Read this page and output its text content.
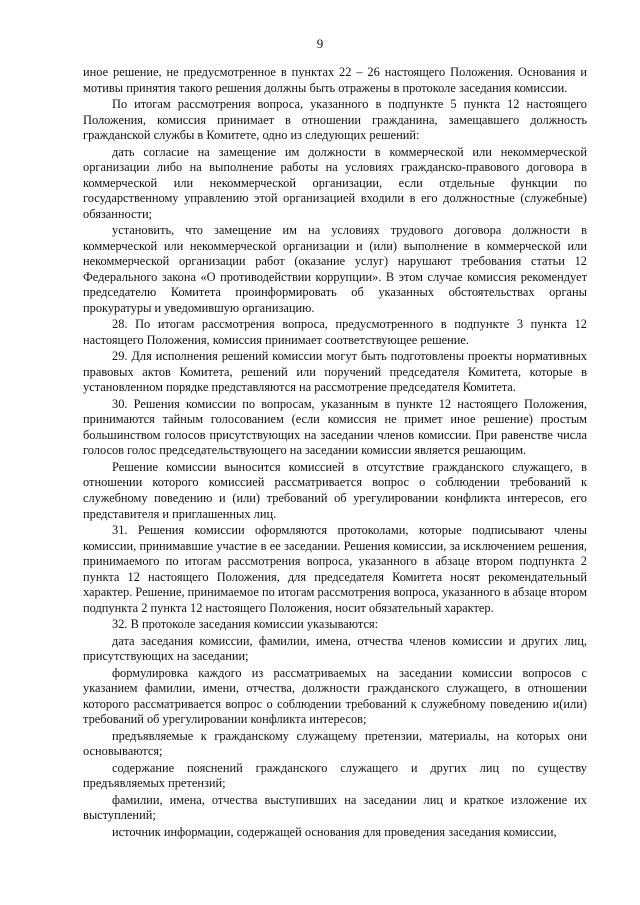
9

иное решение, не предусмотренное в пунктах 22 – 26 настоящего Положения. Основания и мотивы принятия такого решения должны быть отражены в протоколе заседания комиссии.

По итогам рассмотрения вопроса, указанного в подпункте 5 пункта 12 настоящего Положения, комиссия принимает в отношении гражданина, замещавшего должность гражданской службы в Комитете, одно из следующих решений:

дать согласие на замещение им должности в коммерческой или некоммерческой организации либо на выполнение работы на условиях гражданско-правового договора в коммерческой или некоммерческой организации, если отдельные функции по государственному управлению этой организацией входили в его должностные (служебные) обязанности;

установить, что замещение им на условиях трудового договора должности в коммерческой или некоммерческой организации и (или) выполнение в коммерческой или некоммерческой организации работ (оказание услуг) нарушают требования статьи 12 Федерального закона «О противодействии коррупции». В этом случае комиссия рекомендует председателю Комитета проинформировать об указанных обстоятельствах органы прокуратуры и уведомившую организацию.

28. По итогам рассмотрения вопроса, предусмотренного в подпункте 3 пункта 12 настоящего Положения, комиссия принимает соответствующее решение.

29. Для исполнения решений комиссии могут быть подготовлены проекты нормативных правовых актов Комитета, решений или поручений председателя Комитета, которые в установленном порядке представляются на рассмотрение председателя Комитета.

30. Решения комиссии по вопросам, указанным в пункте 12 настоящего Положения, принимаются тайным голосованием (если комиссия не примет иное решение) простым большинством голосов присутствующих на заседании членов комиссии. При равенстве числа голосов голос председательствующего на заседании комиссии является решающим.

Решение комиссии выносится комиссией в отсутствие гражданского служащего, в отношении которого комиссией рассматривается вопрос о соблюдении требований к служебному поведению и (или) требований об урегулировании конфликта интересов, его представителя и приглашенных лиц.

31. Решения комиссии оформляются протоколами, которые подписывают члены комиссии, принимавшие участие в ее заседании. Решения комиссии, за исключением решения, принимаемого по итогам рассмотрения вопроса, указанного в абзаце втором подпункта 2 пункта 12 настоящего Положения, для председателя Комитета носят рекомендательный характер. Решение, принимаемое по итогам рассмотрения вопроса, указанного в абзаце втором подпункта 2 пункта 12 настоящего Положения, носит обязательный характер.

32. В протоколе заседания комиссии указываются:

дата заседания комиссии, фамилии, имена, отчества членов комиссии и других лиц, присутствующих на заседании;

формулировка каждого из рассматриваемых на заседании комиссии вопросов с указанием фамилии, имени, отчества, должности гражданского служащего, в отношении которого рассматривается вопрос о соблюдении требований к служебному поведению и(или) требований об урегулировании конфликта интересов;

предъявляемые к гражданскому служащему претензии, материалы, на которых они основываются;

содержание пояснений гражданского служащего и других лиц по существу предъявляемых претензий;

фамилии, имена, отчества выступивших на заседании лиц и краткое изложение их выступлений;

источник информации, содержащей основания для проведения заседания комиссии,
